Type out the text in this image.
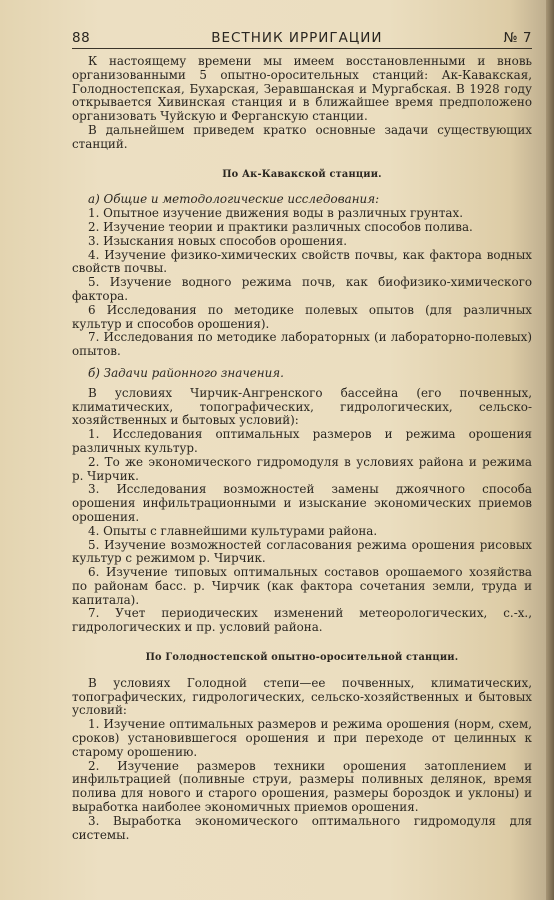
88	ВЕСТНИК ИРРИГАЦИИ	№ 7

К настоящему времени мы имеем восстановленными и вновь организованными 5 опытно-оросительных станций: Ак-Кавакская, Голодностепская, Бухарская, Зеравшанская и Мургабская. В 1928 году открывается Хивинская станция и в ближайшее время предположено организовать Чуйскую и Ферганскую станции.

В дальнейшем приведем кратко основные задачи существующих станций.

По Ак-Кавакской станции.

а) Общие и методологические исследования:

1. Опытное изучение движения воды в различных грунтах.

2. Изучение теории и практики различных способов полива.

3. Изыскания новых способов орошения.

4. Изучение физико-химических свойств почвы, как фактора водных свойств почвы.

5. Изучение водного режима почв, как биофизико-химического фактора.

6 Исследования по методике полевых опытов (для различных культур и способов орошения).

7. Исследования по методике лабораторных (и лабораторно-полевых) опытов.

б) Задачи районного значения.

В условиях Чирчик-Ангренского бассейна (его почвенных, климатических, топографических, гидрологических, сельско-хозяйственных и бытовых условий):

1. Исследования оптимальных размеров и режима орошения различных культур.

2. То же экономического гидромодуля в условиях района и режима р. Чирчик.

3. Исследования возможностей замены джоячного способа орошения инфильтрационными и изыскание экономических приемов орошения.

4. Опыты с главнейшими культурами района.

5. Изучение возможностей согласования режима орошения рисовых культур с режимом р. Чирчик.

6. Изучение типовых оптимальных составов орошаемого хозяйства по районам басс. р. Чирчик (как фактора сочетания земли, труда и капитала).

7. Учет периодических изменений метеорологических, с.-х., гидрологических и пр. условий района.

По Голодностепской опытно-оросительной станции.

В условиях Голодной степи—ее почвенных, климатических, топографических, гидрологических, сельско-хозяйственных и бытовых условий:

1. Изучение оптимальных размеров и режима орошения (норм, схем, сроков) установившегося орошения и при переходе от целинных к старому орошению.

2. Изучение размеров техники орошения затоплением и инфильтрацией (поливные струи, размеры поливных делянок, время полива для нового и старого орошения, размеры бороздок и уклоны) и выработка наиболее экономичных приемов орошения.

3. Выработка экономического оптимального гидромодуля для системы.
